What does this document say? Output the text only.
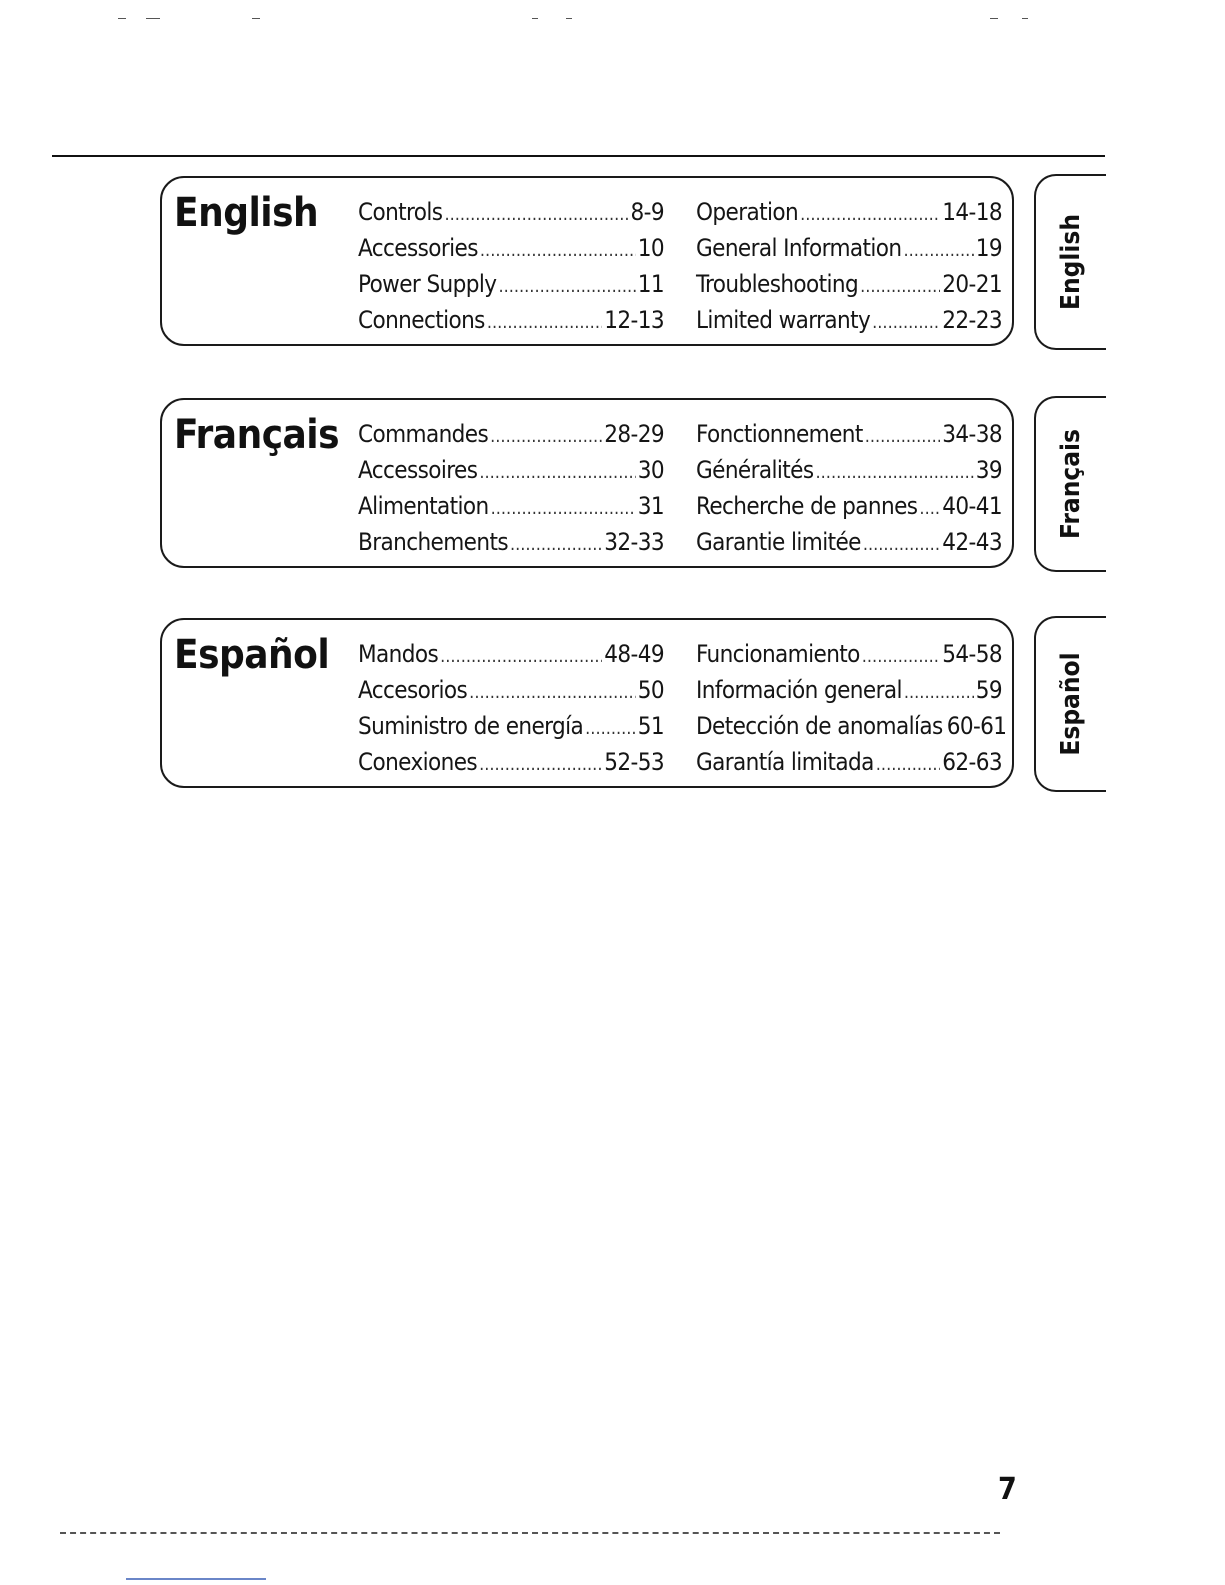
English Controls .....	8-9
Accessories .....	10
Power Supply .....	11
Connections .....	12-13
Operation .....	14-18
General Information .....	19
Troubleshooting .....	20-21
Limited warranty .....	22-23
English
Français Commandes .....	28-29
Accessoires .....	30
Alimentation .....	31
Branchements .....	32-33
Fonctionnement .....	34-38
Généralités .....	39
Recherche de pannes ..... 40-41
Garantie limitée .....	42-43
Français
Español Mandos .....	48-49
Accesorios .....	50
Suministro de energía ..... 51
Conexiones .....	52-53
Funcionamiento .....	54-58
Información general .....	59
Detección de anomalías 60-61
Garantía limitada .....	62-63
Español
7
